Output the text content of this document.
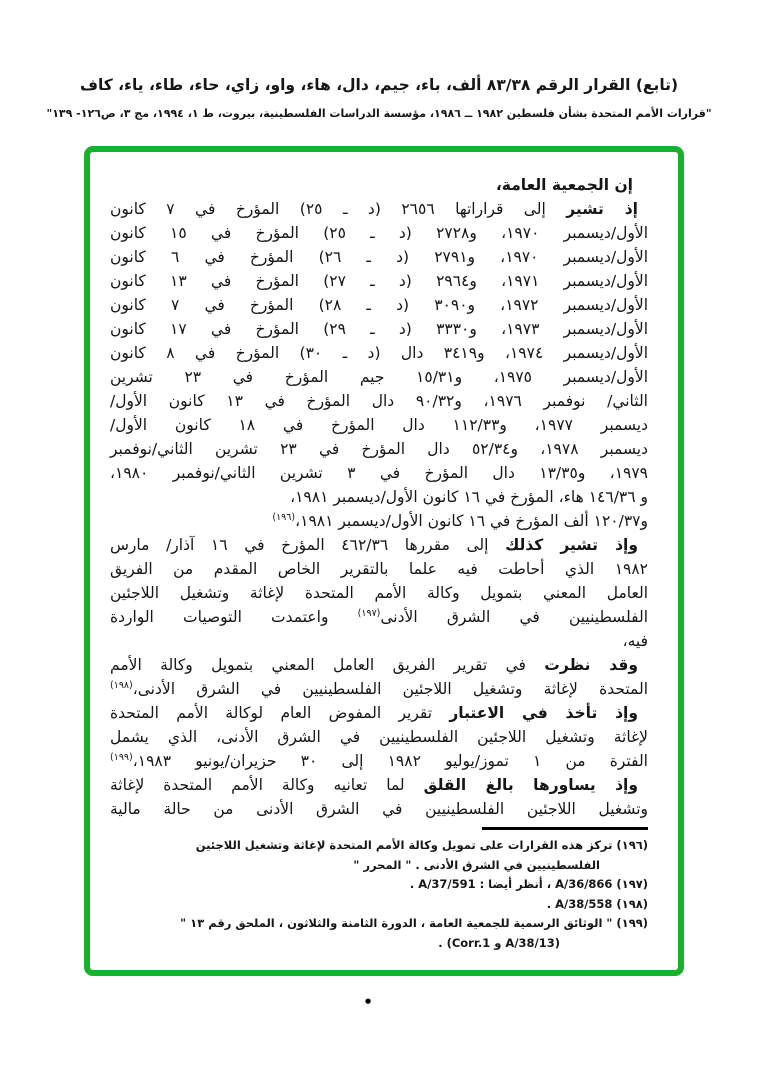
(تابع) القرار الرقم ٨٣/٣٨ ألف، باء، جيم، دال، هاء، واو، زاي، حاء، طاء، ياء، كاف
"قرارات الأمم المتحدة بشأن فلسطين ١٩٨٢ ــ ١٩٨٦، مؤسسة الدراسات الفلسطينية، بيروت، ط ١، ١٩٩٤، مج ٣، ص١٢٦- ١٣٩"
إن الجمعية العامة،
إذ تشير إلى قراراتها ٢٦٥٦ (د ـ ٢٥) المؤرخ في ٧ كانون
الأول/ديسمبر ١٩٧٠، و٢٧٢٨ (د ـ ٢٥) المؤرخ في ١٥ كانون
الأول/ديسمبر ١٩٧٠، و٢٧٩١ (د ـ ٢٦) المؤرخ في ٦ كانون
الأول/ديسمبر ١٩٧١، و٢٩٦٤ (د ـ ٢٧) المؤرخ في ١٣ كانون
الأول/ديسمبر ١٩٧٢، و٣٠٩٠ (د ـ ٢٨) المؤرخ في ٧ كانون
الأول/ديسمبر ١٩٧٣، و٣٣٣٠ (د ـ ٢٩) المؤرخ في ١٧ كانون
الأول/ديسمبر ١٩٧٤، و٣٤١٩ دال (د ـ ٣٠) المؤرخ في ٨ كانون
الأول/ديسمبر ١٩٧٥، و١٥/٣١ جيم المؤرخ في ٢٣ تشرين
الثاني/ نوفمبر ١٩٧٦، و٩٠/٣٢ دال المؤرخ في ١٣ كانون الأول/
ديسمبر ١٩٧٧، و١١٢/٣٣ دال المؤرخ في ١٨ كانون الأول/
ديسمبر ١٩٧٨، و٥٢/٣٤ دال المؤرخ في ٢٣ تشرين الثاني/نوفمبر
١٩٧٩، و١٣/٣٥ دال المؤرخ في ٣ تشرين الثاني/نوفمبر ١٩٨٠،
و ١٤٦/٣٦ هاء، المؤرخ في ١٦ كانون الأول/ديسمبر ١٩٨١،
و١٢٠/٣٧ ألف المؤرخ في ١٦ كانون الأول/ديسمبر ١٩٨١،$^{(١٩٦)}$
وإذ تشير كذلك إلى مقررها ٤٦٢/٣٦ المؤرخ في ١٦ آذار/ مارس
١٩٨٢ الذي أحاطت فيه علما بالتقرير الخاص المقدم من الفريق
العامل المعني بتمويل وكالة الأمم المتحدة لإغاثة وتشغيل اللاجئين
الفلسطينيين في الشرق الأدنى$^{(١٩٧)}$ واعتمدت التوصيات الواردة
فيه،
وقد نظرت في تقرير الفريق العامل المعني بتمويل وكالة الأمم
المتحدة لإغاثة وتشغيل اللاجئين الفلسطينيين في الشرق الأدنى،$^{(١٩٨)}$
وإذ تأخذ في الاعتبار تقرير المفوض العام لوكالة الأمم المتحدة
لإغاثة وتشغيل اللاجئين الفلسطينيين في الشرق الأدنى، الذي يشمل
الفترة من ١ تموز/يوليو ١٩٨٢ إلى ٣٠ حزيران/يونيو ١٩٨٣،$^{(١٩٩)}$
وإذ يساورها بالغ القلق لما تعانيه وكالة الأمم المتحدة لإغاثة
وتشغيل اللاجئين الفلسطينيين في الشرق الأدنى من حالة مالية
(١٩٦) تركز هذه القرارات على تمويل وكالة الأمم المتحدة لإغاثة وتشغيل اللاجئين
الفلسطينيين في الشرق الأدنى . " المحرر "
(١٩٧) A/36/866 ، أنظر أيضا : A/37/591 .
(١٩٨) A/38/558 .
(١٩٩) " الوثائق الرسمية للجمعية العامة ، الدورة الثامنة والثلاثون ، الملحق رقم ١٣ "
(A/38/13 و Corr.1) .
•
